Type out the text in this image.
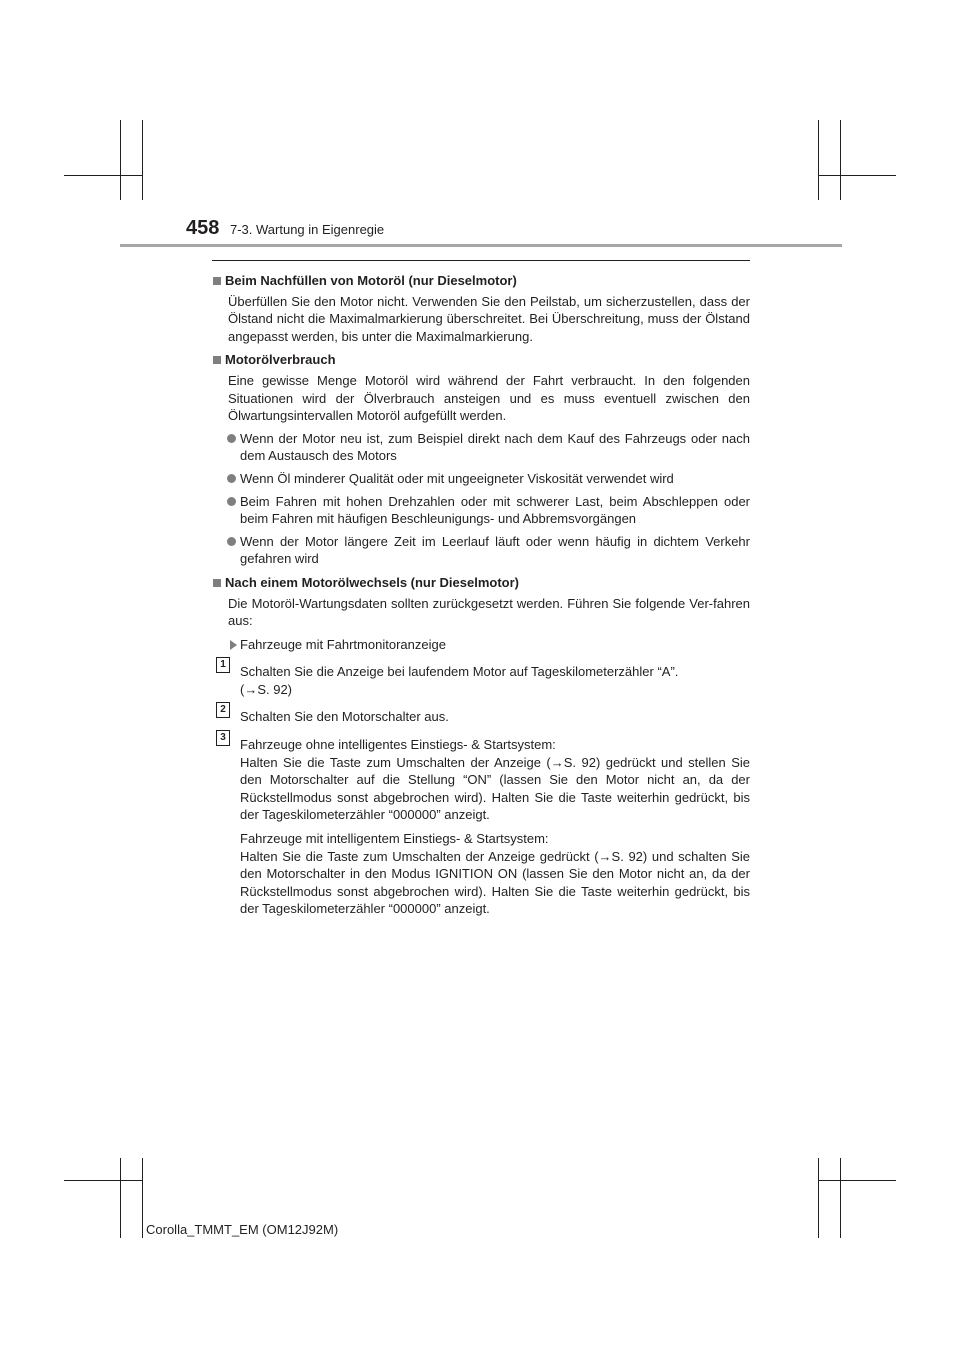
458 7-3. Wartung in Eigenregie
Beim Nachfüllen von Motoröl (nur Dieselmotor)
Überfüllen Sie den Motor nicht. Verwenden Sie den Peilstab, um sicherzustellen, dass der Ölstand nicht die Maximalmarkierung überschreitet. Bei Überschreitung, muss der Ölstand angepasst werden, bis unter die Maximalmarkierung.
Motorölverbrauch
Eine gewisse Menge Motoröl wird während der Fahrt verbraucht. In den folgenden Situationen wird der Ölverbrauch ansteigen und es muss eventuell zwischen den Ölwartungsintervallen Motoröl aufgefüllt werden.
Wenn der Motor neu ist, zum Beispiel direkt nach dem Kauf des Fahrzeugs oder nach dem Austausch des Motors
Wenn Öl minderer Qualität oder mit ungeeigneter Viskosität verwendet wird
Beim Fahren mit hohen Drehzahlen oder mit schwerer Last, beim Abschleppen oder beim Fahren mit häufigen Beschleunigungs- und Abbremsvorgängen
Wenn der Motor längere Zeit im Leerlauf läuft oder wenn häufig in dichtem Verkehr gefahren wird
Nach einem Motorölwechsels (nur Dieselmotor)
Die Motoröl-Wartungsdaten sollten zurückgesetzt werden. Führen Sie folgende Ver-fahren aus:
Fahrzeuge mit Fahrtmonitoranzeige
1	Schalten Sie die Anzeige bei laufendem Motor auf Tageskilometerzähler “A”.
(→S. 92)
2	Schalten Sie den Motorschalter aus.
3	Fahrzeuge ohne intelligentes Einstiegs- & Startsystem:
Halten Sie die Taste zum Umschalten der Anzeige (→S. 92) gedrückt und stellen Sie den Motorschalter auf die Stellung “ON” (lassen Sie den Motor nicht an, da der Rückstellmodus sonst abgebrochen wird). Halten Sie die Taste weiterhin gedrückt, bis der Tageskilometerzähler “000000” anzeigt.
Fahrzeuge mit intelligentem Einstiegs- & Startsystem:
Halten Sie die Taste zum Umschalten der Anzeige gedrückt (→S. 92) und schalten Sie den Motorschalter in den Modus IGNITION ON (lassen Sie den Motor nicht an, da der Rückstellmodus sonst abgebrochen wird). Halten Sie die Taste weiterhin gedrückt, bis der Tageskilometerzähler “000000” anzeigt.
Corolla_TMMT_EM (OM12J92M)
